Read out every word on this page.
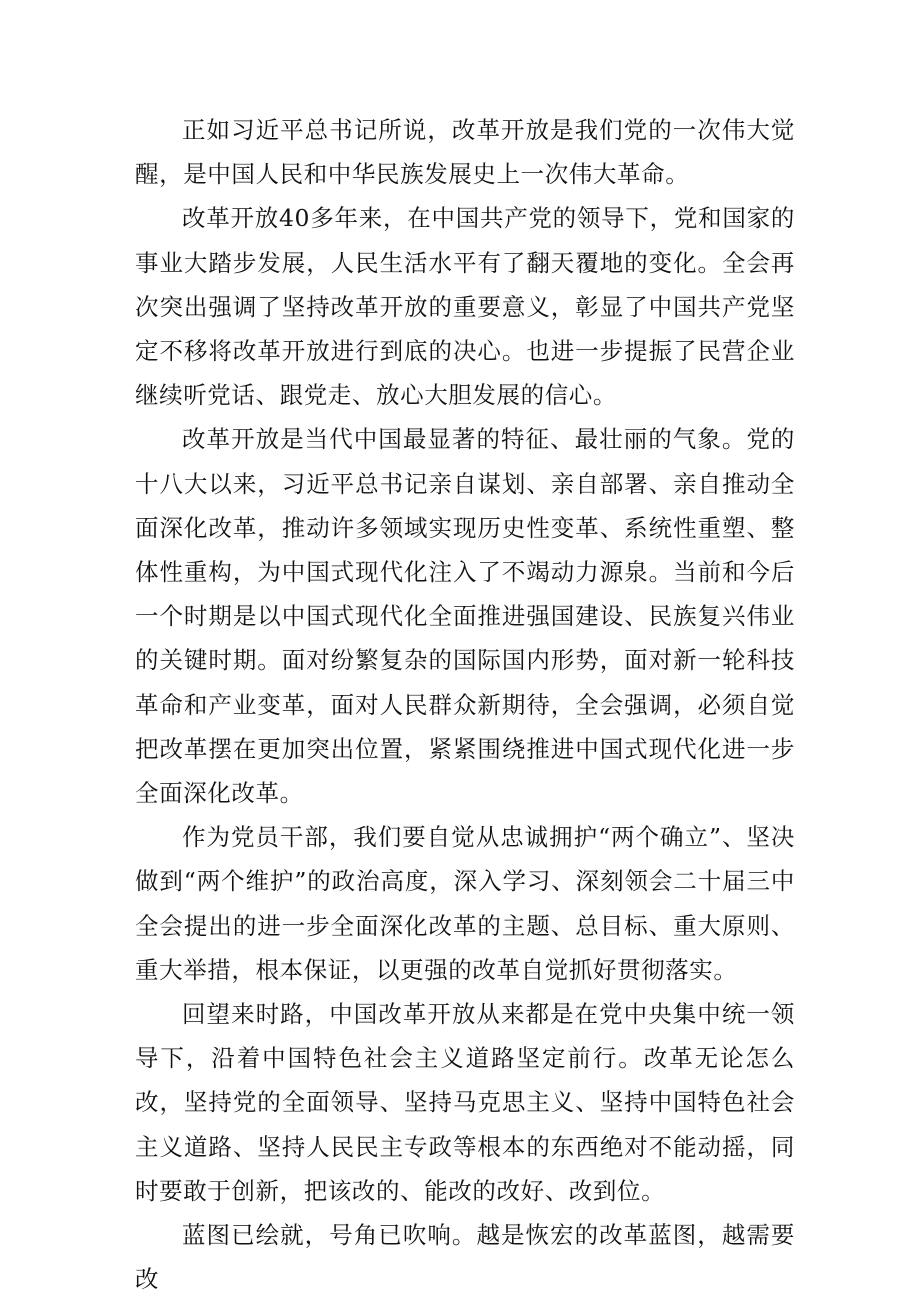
正如习近平总书记所说，改革开放是我们党的一次伟大觉醒，是中国人民和中华民族发展史上一次伟大革命。

改革开放40多年来，在中国共产党的领导下，党和国家的事业大踏步发展，人民生活水平有了翻天覆地的变化。全会再次突出强调了坚持改革开放的重要意义，彰显了中国共产党坚定不移将改革开放进行到底的决心。也进一步提振了民营企业继续听党话、跟党走、放心大胆发展的信心。

改革开放是当代中国最显著的特征、最壮丽的气象。党的十八大以来，习近平总书记亲自谋划、亲自部署、亲自推动全面深化改革，推动许多领域实现历史性变革、系统性重塑、整体性重构，为中国式现代化注入了不竭动力源泉。当前和今后一个时期是以中国式现代化全面推进强国建设、民族复兴伟业的关键时期。面对纷繁复杂的国际国内形势，面对新一轮科技革命和产业变革，面对人民群众新期待，全会强调，必须自觉把改革摆在更加突出位置，紧紧围绕推进中国式现代化进一步全面深化改革。

作为党员干部，我们要自觉从忠诚拥护“两个确立”、坚决做到“两个维护”的政治高度，深入学习、深刻领会二十届三中全会提出的进一步全面深化改革的主题、总目标、重大原则、重大举措，根本保证，以更强的改革自觉抓好贯彻落实。

回望来时路，中国改革开放从来都是在党中央集中统一领导下，沿着中国特色社会主义道路坚定前行。改革无论怎么改，坚持党的全面领导、坚持马克思主义、坚持中国特色社会主义道路、坚持人民民主专政等根本的东西绝对不能动摇，同时要敢于创新，把该改的、能改的改好、改到位。

蓝图已绘就，号角已吹响。越是恢宏的改革蓝图，越需要改
